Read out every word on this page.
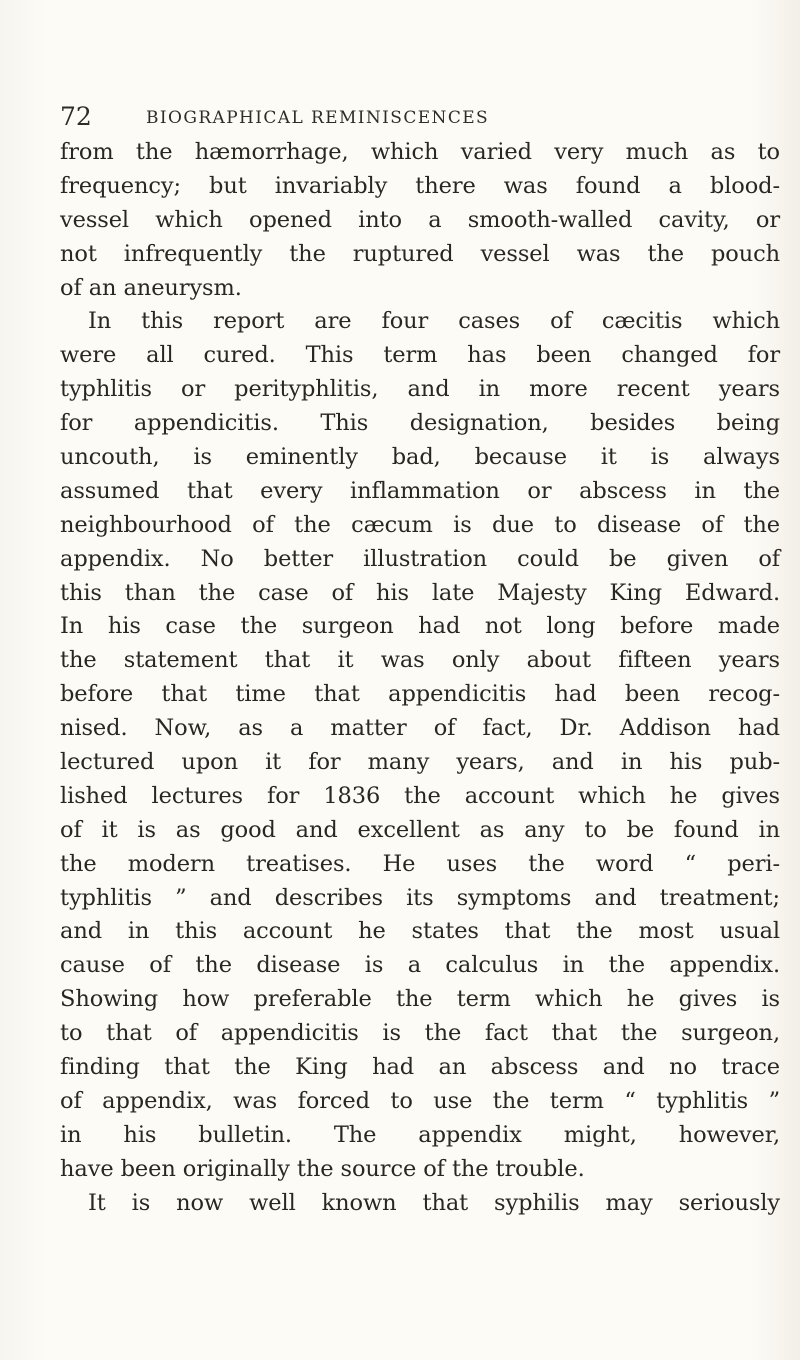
72	BIOGRAPHICAL REMINISCENCES
from the hæmorrhage, which varied very much as to
frequency; but invariably there was found a blood-
vessel which opened into a smooth-walled cavity, or
not infrequently the ruptured vessel was the pouch
of an aneurysm.
In this report are four cases of cæcitis which
were all cured. This term has been changed for
typhlitis or perityphlitis, and in more recent years
for appendicitis. This designation, besides being
uncouth, is eminently bad, because it is always
assumed that every inflammation or abscess in the
neighbourhood of the cæcum is due to disease of the
appendix. No better illustration could be given of
this than the case of his late Majesty King Edward.
In his case the surgeon had not long before made
the statement that it was only about fifteen years
before that time that appendicitis had been recog-
nised. Now, as a matter of fact, Dr. Addison had
lectured upon it for many years, and in his pub-
lished lectures for 1836 the account which he gives
of it is as good and excellent as any to be found in
the modern treatises. He uses the word “ peri-
typhlitis ” and describes its symptoms and treatment;
and in this account he states that the most usual
cause of the disease is a calculus in the appendix.
Showing how preferable the term which he gives is
to that of appendicitis is the fact that the surgeon,
finding that the King had an abscess and no trace
of appendix, was forced to use the term “ typhlitis ”
in his bulletin. The appendix might, however,
have been originally the source of the trouble.
It is now well known that syphilis may seriously
